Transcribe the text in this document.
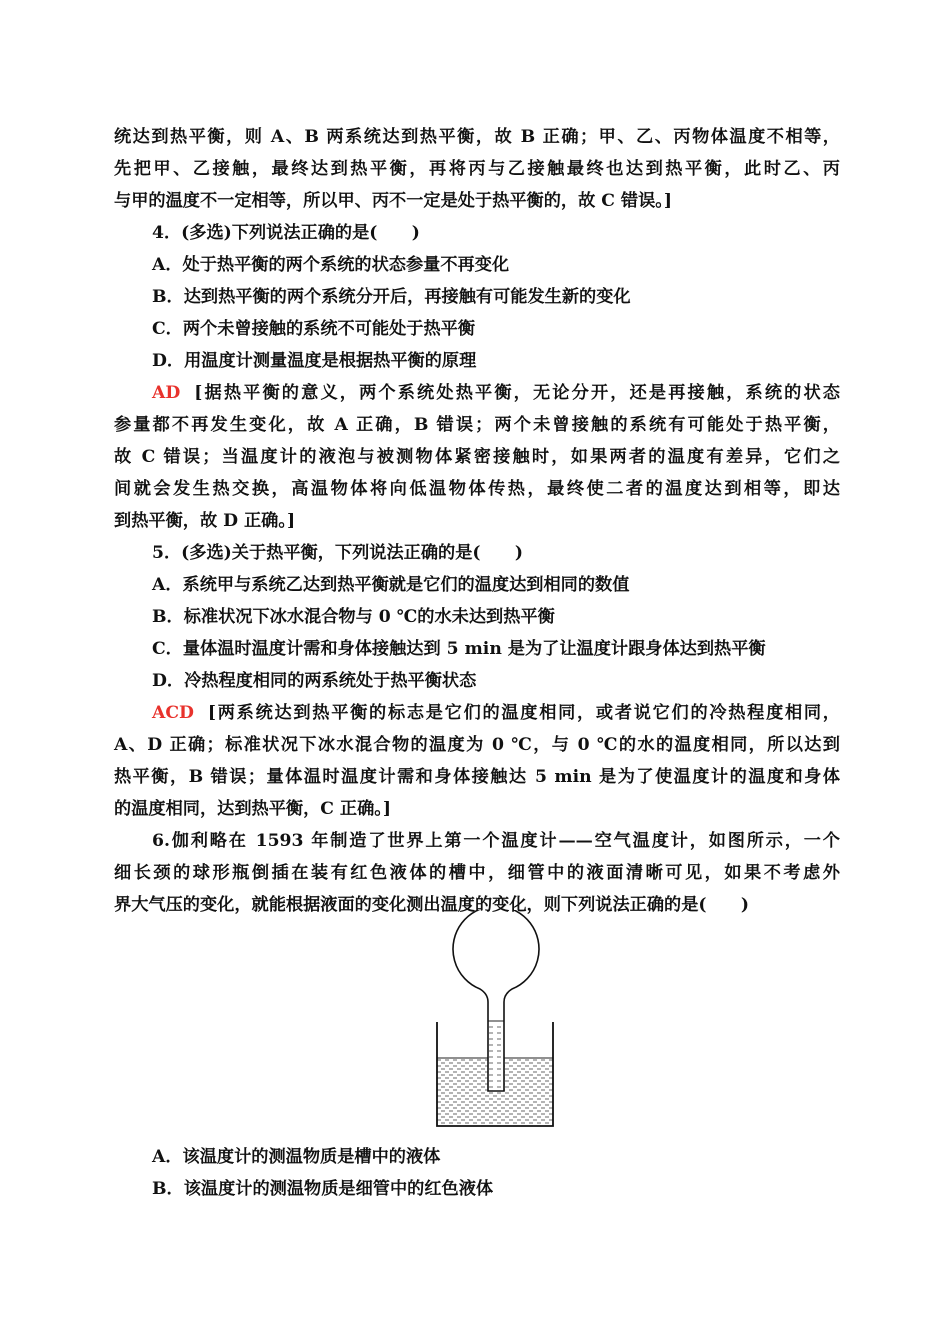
统达到热平衡，则 A、B 两系统达到热平衡，故 B 正确；甲、乙、丙物体温度不相等，
先把甲、乙接触，最终达到热平衡，再将丙与乙接触最终也达到热平衡，此时乙、丙
与甲的温度不一定相等，所以甲、丙不一定是处于热平衡的，故 C 错误。]
4．(多选)下列说法正确的是(　　)
A．处于热平衡的两个系统的状态参量不再变化
B．达到热平衡的两个系统分开后，再接触有可能发生新的变化
C．两个未曾接触的系统不可能处于热平衡
D．用温度计测量温度是根据热平衡的原理
AD [据热平衡的意义，两个系统处热平衡，无论分开，还是再接触，系统的状态
参量都不再发生变化，故 A 正确，B 错误；两个未曾接触的系统有可能处于热平衡，
故 C 错误；当温度计的液泡与被测物体紧密接触时，如果两者的温度有差异，它们之
间就会发生热交换，高温物体将向低温物体传热，最终使二者的温度达到相等，即达
到热平衡，故 D 正确。]
5．(多选)关于热平衡，下列说法正确的是(　　)
A．系统甲与系统乙达到热平衡就是它们的温度达到相同的数值
B．标准状况下冰水混合物与 0 ℃的水未达到热平衡
C．量体温时温度计需和身体接触达到 5 min 是为了让温度计跟身体达到热平衡
D．冷热程度相同的两系统处于热平衡状态
ACD [两系统达到热平衡的标志是它们的温度相同，或者说它们的冷热程度相同，
A、D 正确；标准状况下冰水混合物的温度为 0 ℃，与 0 ℃的水的温度相同，所以达到
热平衡，B 错误；量体温时温度计需和身体接触达 5 min 是为了使温度计的温度和身体
的温度相同，达到热平衡，C 正确。]
6.伽利略在 1593 年制造了世界上第一个温度计——空气温度计，如图所示，一个
细长颈的球形瓶倒插在装有红色液体的槽中，细管中的液面清晰可见，如果不考虑外
界大气压的变化，就能根据液面的变化测出温度的变化，则下列说法正确的是(　　)
A．该温度计的测温物质是槽中的液体
B．该温度计的测温物质是细管中的红色液体
